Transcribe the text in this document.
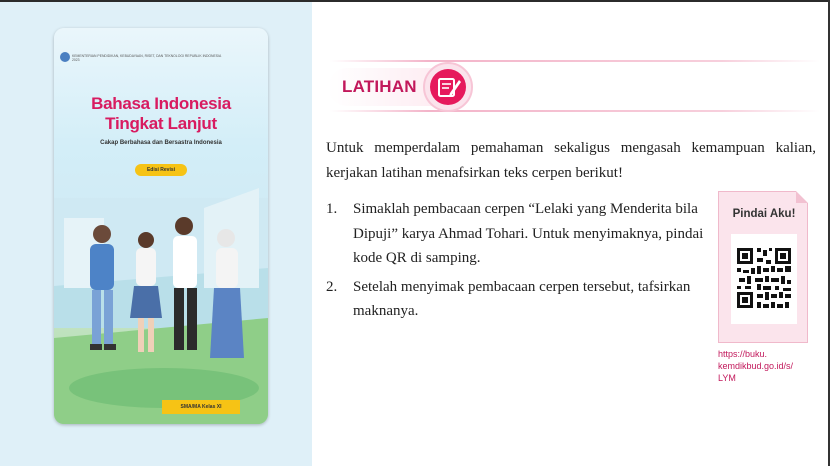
KEMENTERIAN PENDIDIKAN, KEBUDAYAAN, RISET, DAN TEKNOLOGI REPUBLIK INDONESIA 2023
Bahasa Indonesia
Tingkat Lanjut
Cakap Berbahasa dan Bersastra Indonesia
Edisi Revisi
SMA/MA Kelas XI
LATIHAN

Untuk memperdalam pemahaman sekaligus mengasah kemampuan kalian, kerjakan latihan menafsirkan teks cerpen berikut!

1. Simaklah pembacaan cerpen “Lelaki yang Menderita bila Dipuji” karya Ahmad Tohari. Untuk menyimaknya, pindai kode QR di samping.
2. Setelah menyimak pembacaan cerpen tersebut, tafsirkan maknanya.
Pindai Aku!
https://buku.
kemdikbud.go.id/s/
LYM
